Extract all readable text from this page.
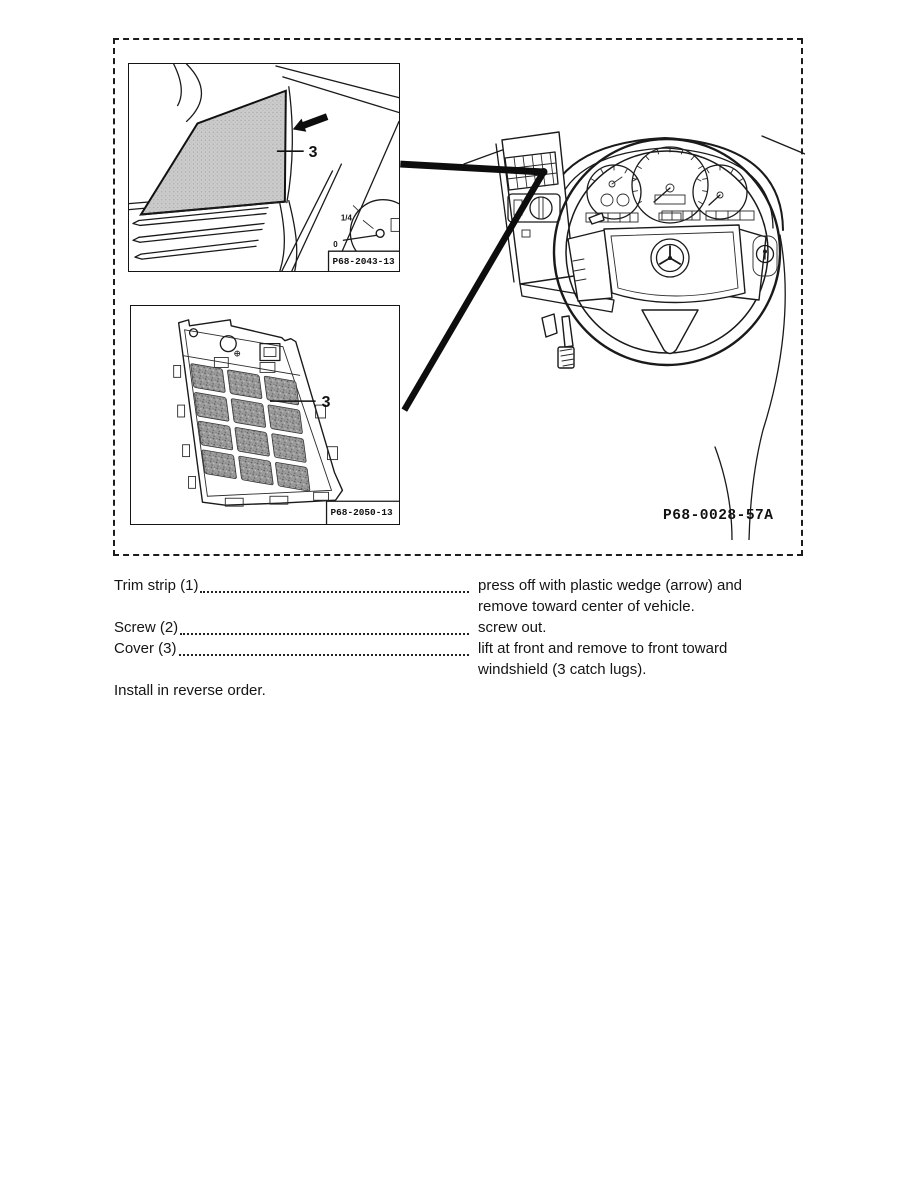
1/4
0
3
P68-2043-13
3
P68-2050-13	P68-0028-57A
Trim strip (1)	press off with plastic wedge (arrow) and remove toward center of vehicle.
Screw (2)	screw out.
Cover (3)	lift at front and remove to front toward windshield (3 catch lugs).
Install in reverse order.
